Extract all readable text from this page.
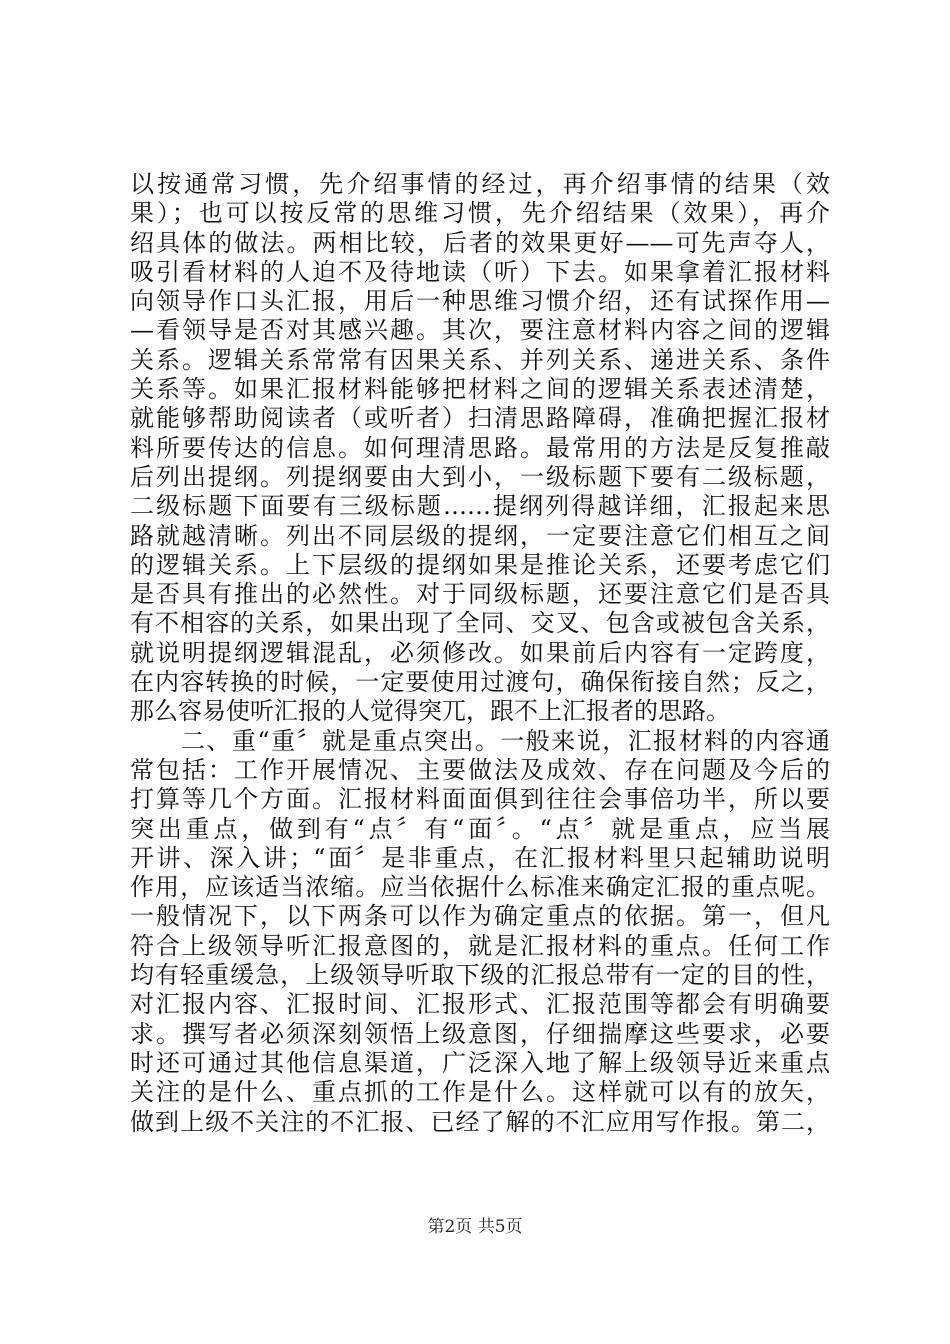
以按通常习惯，先介绍事情的经过，再介绍事情的结果（效
果）；也可以按反常的思维习惯，先介绍结果（效果），再介
绍具体的做法。两相比较，后者的效果更好——可先声夺人，
吸引看材料的人迫不及待地读（听）下去。如果拿着汇报材料
向领导作口头汇报，用后一种思维习惯介绍，还有试探作用—
—看领导是否对其感兴趣。其次，要注意材料内容之间的逻辑
关系。逻辑关系常常有因果关系、并列关系、递进关系、条件
关系等。如果汇报材料能够把材料之间的逻辑关系表述清楚，
就能够帮助阅读者（或听者）扫清思路障碍，准确把握汇报材
料所要传达的信息。如何理清思路。最常用的方法是反复推敲
后列出提纲。列提纲要由大到小，一级标题下要有二级标题，
二级标题下面要有三级标题……提纲列得越详细，汇报起来思
路就越清晰。列出不同层级的提纲，一定要注意它们相互之间
的逻辑关系。上下层级的提纲如果是推论关系，还要考虑它们
是否具有推出的必然性。对于同级标题，还要注意它们是否具
有不相容的关系，如果出现了全同、交叉、包含或被包含关系，
就说明提纲逻辑混乱，必须修改。如果前后内容有一定跨度，
在内容转换的时候，一定要使用过渡句，确保衔接自然；反之，
那么容易使听汇报的人觉得突兀，跟不上汇报者的思路。
　　二、重“重〞就是重点突出。一般来说，汇报材料的内容通
常包括：工作开展情况、主要做法及成效、存在问题及今后的
打算等几个方面。汇报材料面面俱到往往会事倍功半，所以要
突出重点，做到有“点〞有“面〞。“点〞就是重点，应当展
开讲、深入讲；“面〞是非重点，在汇报材料里只起辅助说明
作用，应该适当浓缩。应当依据什么标准来确定汇报的重点呢。
一般情况下，以下两条可以作为确定重点的依据。第一，但凡
符合上级领导听汇报意图的，就是汇报材料的重点。任何工作
均有轻重缓急，上级领导听取下级的汇报总带有一定的目的性，
对汇报内容、汇报时间、汇报形式、汇报范围等都会有明确要
求。撰写者必须深刻领悟上级意图，仔细揣摩这些要求，必要
时还可通过其他信息渠道，广泛深入地了解上级领导近来重点
关注的是什么、重点抓的工作是什么。这样就可以有的放矢，
做到上级不关注的不汇报、已经了解的不汇应用写作报。第二，
第2页 共5页
